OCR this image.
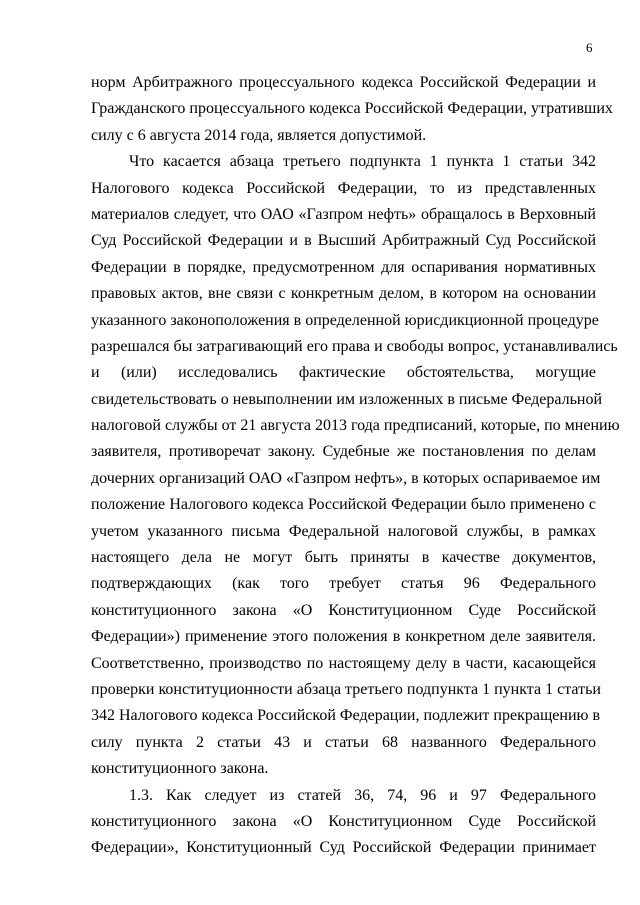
6
норм Арбитражного процессуального кодекса Российской Федерации и
Гражданского процессуального кодекса Российской Федерации, утративших
силу с 6 августа 2014 года, является допустимой.
Что касается абзаца третьего подпункта 1 пункта 1 статьи 342
Налогового кодекса Российской Федерации, то из представленных
материалов следует, что ОАО «Газпром нефть» обращалось в Верховный
Суд Российской Федерации и в Высший Арбитражный Суд Российской
Федерации в порядке, предусмотренном для оспаривания нормативных
правовых актов, вне связи с конкретным делом, в котором на основании
указанного законоположения в определенной юрисдикционной процедуре
разрешался бы затрагивающий его права и свободы вопрос, устанавливались
и (или) исследовались фактические обстоятельства, могущие
свидетельствовать о невыполнении им изложенных в письме Федеральной
налоговой службы от 21 августа 2013 года предписаний, которые, по мнению
заявителя, противоречат закону. Судебные же постановления по делам
дочерних организаций ОАО «Газпром нефть», в которых оспариваемое им
положение Налогового кодекса Российской Федерации было применено с
учетом указанного письма Федеральной налоговой службы, в рамках
настоящего дела не могут быть приняты в качестве документов,
подтверждающих (как того требует статья 96 Федерального
конституционного закона «О Конституционном Суде Российской
Федерации») применение этого положения в конкретном деле заявителя.
Соответственно, производство по настоящему делу в части, касающейся
проверки конституционности абзаца третьего подпункта 1 пункта 1 статьи
342 Налогового кодекса Российской Федерации, подлежит прекращению в
силу пункта 2 статьи 43 и статьи 68 названного Федерального
конституционного закона.
1.3. Как следует из статей 36, 74, 96 и 97 Федерального
конституционного закона «О Конституционном Суде Российской
Федерации», Конституционный Суд Российской Федерации принимает
